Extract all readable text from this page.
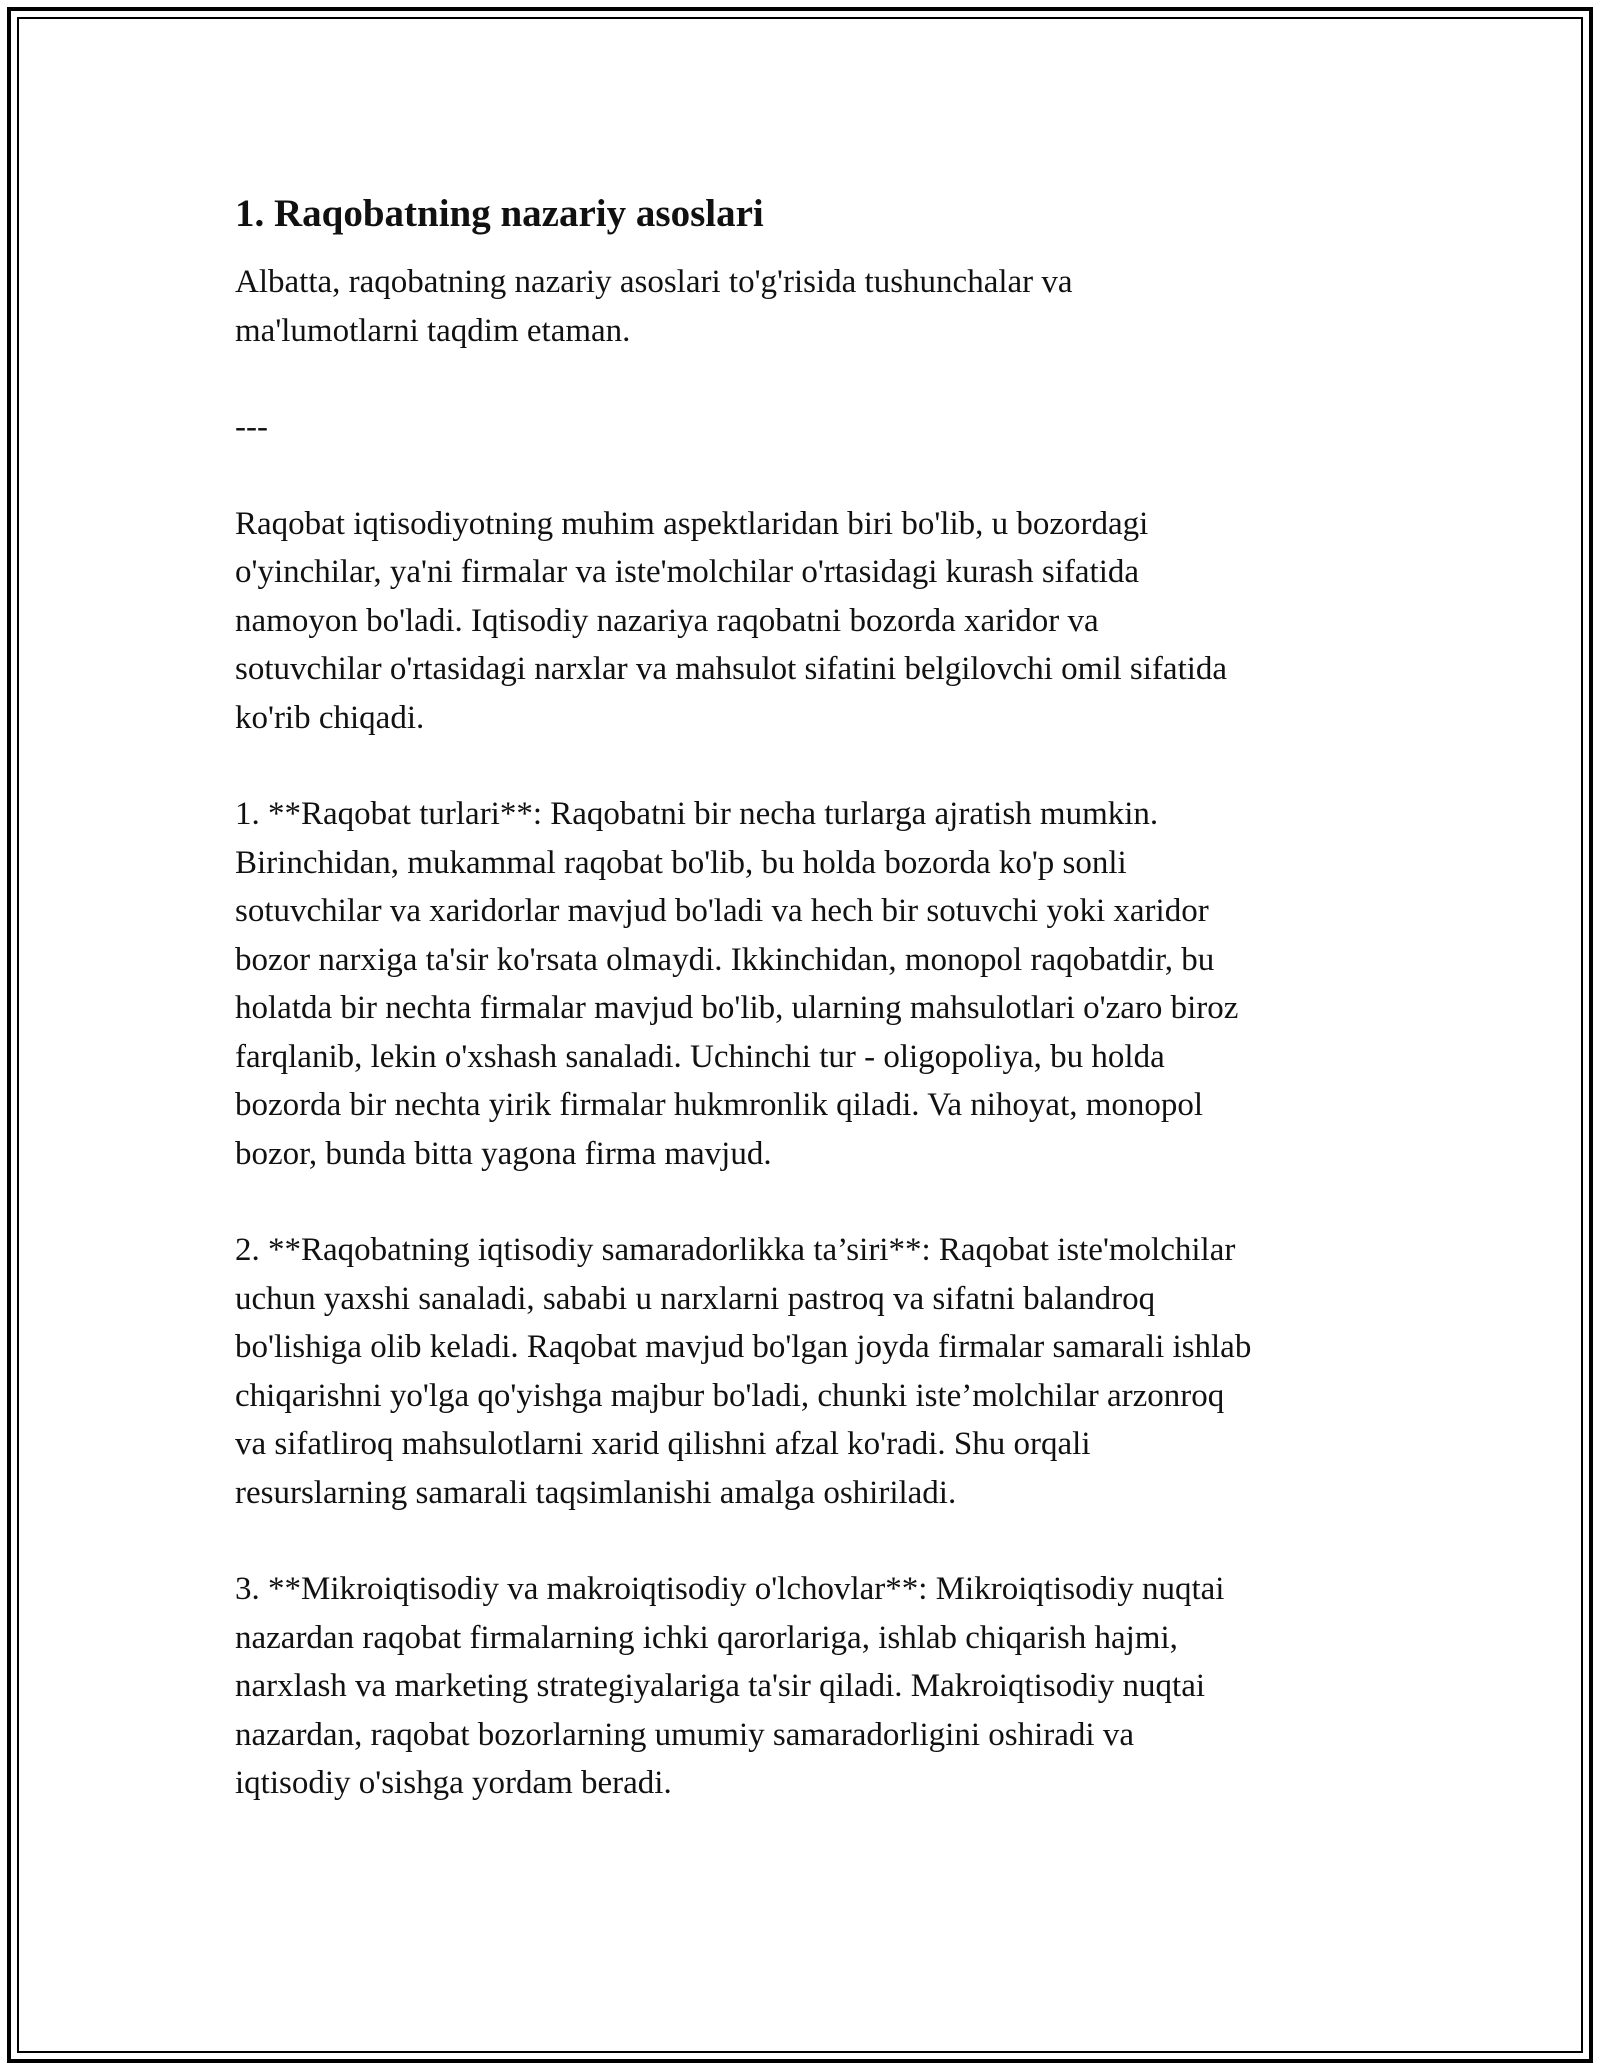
1. Raqobatning nazariy asoslari

Albatta, raqobatning nazariy asoslari to'g'risida tushunchalar va
ma'lumotlarni taqdim etaman.

---

Raqobat iqtisodiyotning muhim aspektlaridan biri bo'lib, u bozordagi
o'yinchilar, ya'ni firmalar va iste'molchilar o'rtasidagi kurash sifatida
namoyon bo'ladi. Iqtisodiy nazariya raqobatni bozorda xaridor va
sotuvchilar o'rtasidagi narxlar va mahsulot sifatini belgilovchi omil sifatida
ko'rib chiqadi.

1. **Raqobat turlari**: Raqobatni bir necha turlarga ajratish mumkin.
Birinchidan, mukammal raqobat bo'lib, bu holda bozorda ko'p sonli
sotuvchilar va xaridorlar mavjud bo'ladi va hech bir sotuvchi yoki xaridor
bozor narxiga ta'sir ko'rsata olmaydi. Ikkinchidan, monopol raqobatdir, bu
holatda bir nechta firmalar mavjud bo'lib, ularning mahsulotlari o'zaro biroz
farqlanib, lekin o'xshash sanaladi. Uchinchi tur - oligopoliya, bu holda
bozorda bir nechta yirik firmalar hukmronlik qiladi. Va nihoyat, monopol
bozor, bunda bitta yagona firma mavjud.

2. **Raqobatning iqtisodiy samaradorlikka ta’siri**: Raqobat iste'molchilar
uchun yaxshi sanaladi, sababi u narxlarni pastroq va sifatni balandroq
bo'lishiga olib keladi. Raqobat mavjud bo'lgan joyda firmalar samarali ishlab
chiqarishni yo'lga qo'yishga majbur bo'ladi, chunki iste’molchilar arzonroq
va sifatliroq mahsulotlarni xarid qilishni afzal ko'radi. Shu orqali
resurslarning samarali taqsimlanishi amalga oshiriladi.

3. **Mikroiqtisodiy va makroiqtisodiy o'lchovlar**: Mikroiqtisodiy nuqtai
nazardan raqobat firmalarning ichki qarorlariga, ishlab chiqarish hajmi,
narxlash va marketing strategiyalariga ta'sir qiladi. Makroiqtisodiy nuqtai
nazardan, raqobat bozorlarning umumiy samaradorligini oshiradi va
iqtisodiy o'sishga yordam beradi.
